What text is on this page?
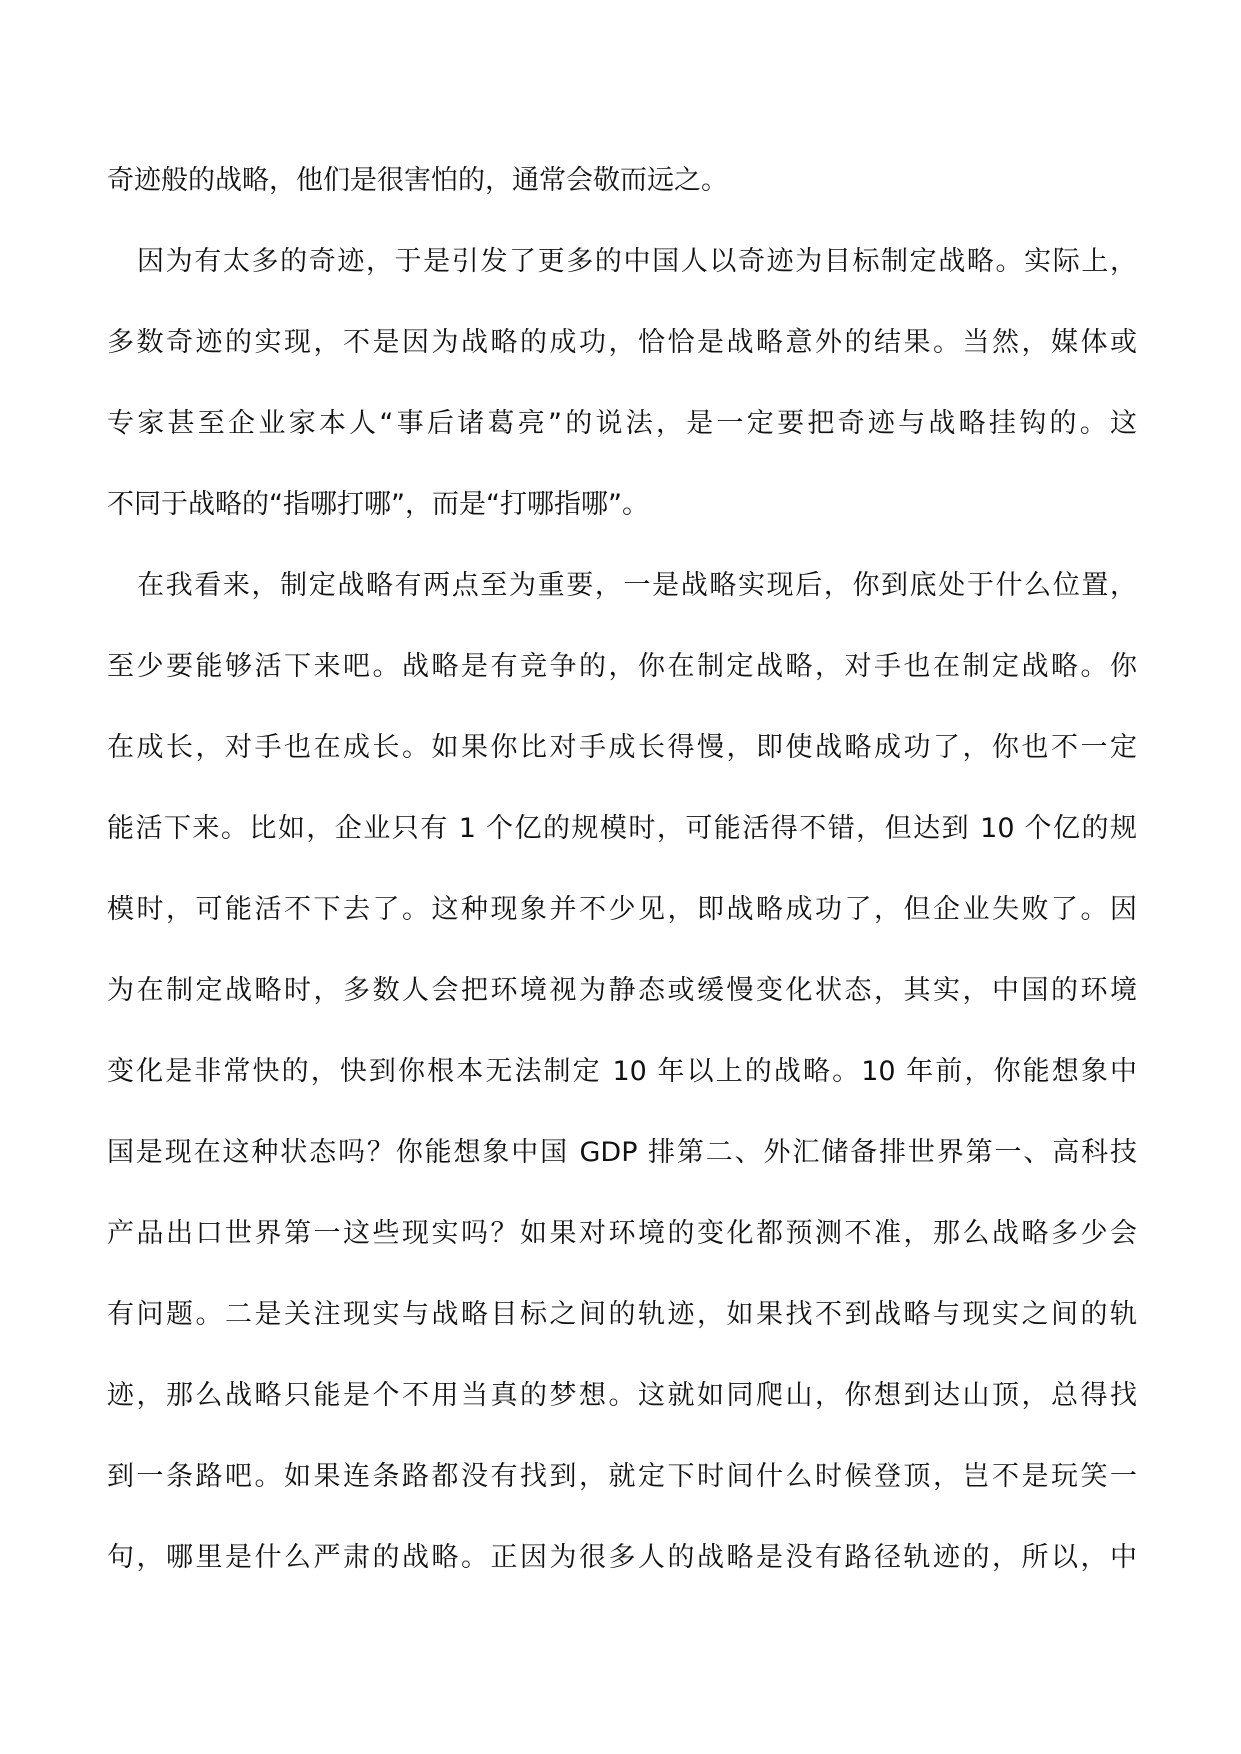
奇迹般的战略，他们是很害怕的，通常会敬而远之。
因为有太多的奇迹，于是引发了更多的中国人以奇迹为目标制定战略。实际上，
多数奇迹的实现，不是因为战略的成功，恰恰是战略意外的结果。当然，媒体或
专家甚至企业家本人“事后诸葛亮”的说法，是一定要把奇迹与战略挂钩的。这
不同于战略的“指哪打哪”，而是“打哪指哪”。
在我看来，制定战略有两点至为重要，一是战略实现后，你到底处于什么位置，
至少要能够活下来吧。战略是有竞争的，你在制定战略，对手也在制定战略。你
在成长，对手也在成长。如果你比对手成长得慢，即使战略成功了，你也不一定
能活下来。比如，企业只有 1 个亿的规模时，可能活得不错，但达到 10 个亿的规
模时，可能活不下去了。这种现象并不少见，即战略成功了，但企业失败了。因
为在制定战略时，多数人会把环境视为静态或缓慢变化状态，其实，中国的环境
变化是非常快的，快到你根本无法制定 10 年以上的战略。10 年前，你能想象中
国是现在这种状态吗？你能想象中国 GDP 排第二、外汇储备排世界第一、高科技
产品出口世界第一这些现实吗？如果对环境的变化都预测不准，那么战略多少会
有问题。二是关注现实与战略目标之间的轨迹，如果找不到战略与现实之间的轨
迹，那么战略只能是个不用当真的梦想。这就如同爬山，你想到达山顶，总得找
到一条路吧。如果连条路都没有找到，就定下时间什么时候登顶，岂不是玩笑一
句，哪里是什么严肃的战略。正因为很多人的战略是没有路径轨迹的，所以，中
